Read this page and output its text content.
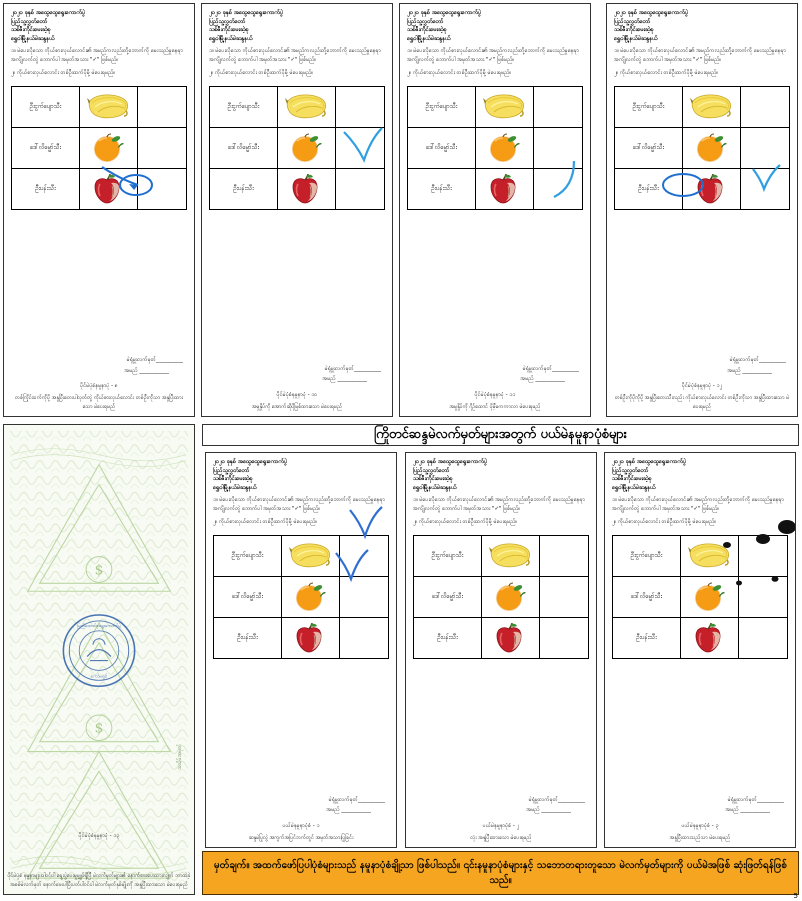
ကြိုတင်ဆန္ဒမဲလက်မှတ်များအတွက် ပယ်မဲနမူနာပုံစံများ
မှတ်ချက်။ အထက်ဖော်ပြပါပုံစံများသည် နမူနာပုံစံချို့သာ ဖြစ်ပါသည်။ ၎င်းနမူနာပုံစံများနှင့် သဘောတရားတူသော မဲလက်မှတ်များကို ပယ်မဲအဖြစ် ဆုံးဖြတ်ရန်ဖြစ်သည်။
5
$
$
ပြည်ထောင်စုရွေးကောက်ပွဲ
ကော်မရှင်
အသိမ်းအမှတ်
ပိုင်မဲပုံစံနမူနာပုံ - ၁၃
ပိုင်မဲပုံစံ နမူနာများပါဝင်ပါ ရွေးပွဲပေးမှုမျှုပ်ရှိပြီ မဲလက်မှတ်များ၏ နောက်ဖေးပေးထားလျက် ဘာထဲခဲ့ အစစ်မဲလက်မှတ် နောက်ဖေးပါပြီးပတ်ပါဝင်ပါ မဲလက်မှတ်နှစ်မျိုးကို အနှုပြီးထားသော မဲပေးရမည်
၂၀၂၀ ခုနှစ် အထွေထွေရွေးကောက်ပွဲ
ပြည်သူ့လွှတ်တော်
သစ်ဇီးကိုင်းမေးဆဲ့စု
ရွှေဝါမြို့နယ်မဲဆန္ဒနယ်

၁။ မဲပေးလိုသော ကိုယ်စားလှယ်လောင်း၏ အမည်ကလည်းတို့ဘောက်ကို မေးသည်မှုနေရာအကျိုလက်တွဲ ဘောက်ပါ အမှတ်အသား "✓" ဖြစ်မည်။

၂။ ကိုယ်စားလှယ်လောင်း တစ်ဦးထက်ပိုမို့ မဲပေးရမည်။

ဦးငွက်ပျောသီး	

ဒေါ်လိမ္မော်သီး	

ဦးပန်းသီး	

မဲရုံမှူးလက်မှတ်__________
အမည် ___________
ပိုင်မဲပုံစံနမူနာပုံ - ၈
တစ်ကြိုင်ထက်ကိုပို့ အနှုပြီးတေးပါလှတ်တွဲ ကိုယ်စားလှယ်လောင်း တစ်ဦးကိုသာ အနှုပြီးထားသော မဲပေးရမည်
၂၀၂၀ ခုနှစ် အထွေထွေရွေးကောက်ပွဲ
ပြည်သူ့လွှတ်တော်
သစ်ဇီးကိုင်းမေးဆဲ့စု
ရွှေဝါမြို့နယ်မဲဆန္ဒနယ်

၁။ မဲပေးလိုသော ကိုယ်စားလှယ်လောင်း၏ အမည်ကလည်းတို့ဘောက်ကို မေးသည်မှုနေရာအကျိုလက်တွဲ ဘောက်ပါ အမှတ်အသား "✓" ဖြစ်မည်။

၂။ ကိုယ်စားလှယ်လောင်း တစ်ဦးထက်ပိုမို့ မဲပေးရမည်။

ဦးငွက်ပျောသီး	

ဒေါ်လိမ္မော်သီး	

ဦးပန်းသီး	

မဲရုံမှူးလက်မှတ်__________
အမည် ___________
ပိုင်မဲပုံစံနမူနာပုံ - ၁၀
အမှုနှိုပ်ကို အောက်ဆိုပိုမြစ်ထားသော မဲပေးရမည်
၂၀၂၀ ခုနှစ် အထွေထွေရွေးကောက်ပွဲ
ပြည်သူ့လွှတ်တော်
သစ်ဇီးကိုင်းမေးဆဲ့စု
ရွှေဝါမြို့နယ်မဲဆန္ဒနယ်

၁။ မဲပေးလိုသော ကိုယ်စားလှယ်လောင်း၏ အမည်ကလည်းတို့ဘောက်ကို မေးသည်မှုနေရာအကျိုလက်တွဲ ဘောက်ပါ အမှတ်အသား "✓" ဖြစ်မည်။

၂။ ကိုယ်စားလှယ်လောင်း တစ်ဦးထက်ပိုမို့ မဲပေးရမည်။

ဦးငွက်ပျောသီး	

ဒေါ်လိမ္မော်သီး	

ဦးပန်းသီး	

မဲရုံမှူးလက်မှတ်__________
အမည် ___________
ပိုင်မဲပုံစံနမူနာပုံ - ၁၁
အမှုနှိုပ်ကို ဂိုဉ်ထောင် ပိုမီ့မကကာလာ မဲပေးရမည်
၂၀၂၀ ခုနှစ် အထွေထွေရွေးကောက်ပွဲ
ပြည်သူ့လွှတ်တော်
သစ်ဇီးကိုင်းမေးဆဲ့စု
ရွှေဝါမြို့နယ်မဲဆန္ဒနယ်

၁။ မဲပေးလိုသော ကိုယ်စားလှယ်လောင်း၏ အမည်ကလည်းတို့ဘောက်ကို မေးသည်မှုနေရာအကျိုလက်တွဲ ဘောက်ပါ အမှတ်အသား "✓" ဖြစ်မည်။

၂။ ကိုယ်စားလှယ်လောင်း တစ်ဦးထက်ပိုမို့ မဲပေးရမည်။

ဦးငွက်ပျောသီး	

ဒေါ်လိမ္မော်သီး	

ဦးပန်းသီး	

မဲရုံမှူးလက်မှတ်__________
အမည် ___________
ပိုင်မဲပုံစံနမူနာပုံ - ၁၂
တစ်ဦးကိုပိုကိုပို့ အနှုပြီးတေးသီးလည်း ကိုယ်စားလှယ်လောင်း တစ်ဦးကိုသာ အနှုပြီးထားသော မဲပေးရမည်
၂၀၂၀ ခုနှစ် အထွေထွေရွေးကောက်ပွဲ
ပြည်သူ့လွှတ်တော်
သစ်ဇီးကိုင်းမေးဆဲ့စု
ရွှေဝါမြို့နယ်မဲဆန္ဒနယ်

၁။ မဲပေးလိုသော ကိုယ်စားလှယ်လောင်း၏ အမည်ကလည်းတို့ဘောက်ကို မေးသည်မှုနေရာအကျိုလက်တွဲ ဘောက်ပါ အမှတ်အသား "✓" ဖြစ်မည်။

၂။ ကိုယ်စားလှယ်လောင်း တစ်ဦးထက်ပိုမို့ မဲပေးရမည်။

ဦးငွက်ပျောသီး	

ဒေါ်လိမ္မော်သီး	

ဦးပန်းသီး	

မဲရုံမှူးလက်မှတ်__________
အမည် ___________
ပယ်မဲနမူနာပုံစံ - ၁
ဆန္ဒမဲပြုလွဲ အကွက်အပြင်ဘက်တွင် အမှတ်အသားပြုခြင်း
၂၀၂၀ ခုနှစ် အထွေထွေရွေးကောက်ပွဲ
ပြည်သူ့လွှတ်တော်
သစ်ဇီးကိုင်းမေးဆဲ့စု
ရွှေဝါမြို့နယ်မဲဆန္ဒနယ်

၁။ မဲပေးလိုသော ကိုယ်စားလှယ်လောင်း၏ အမည်ကလည်းတို့ဘောက်ကို မေးသည်မှုနေရာအကျိုလက်တွဲ ဘောက်ပါ အမှတ်အသား "✓" ဖြစ်မည်။

၂။ ကိုယ်စားလှယ်လောင်း တစ်ဦးထက်ပိုမို့ မဲပေးရမည်။

ဦးငွက်ပျောသီး	

ဒေါ်လိမ္မော်သီး	

ဦးပန်းသီး	

မဲရုံမှူးလက်မှတ်__________
အမည် ___________
ပယ်မဲနမူနာပုံစံ - ၂
လုံး အနှုပြီးထားသော မဲပေးရမည်
၂၀၂၀ ခုနှစ် အထွေထွေရွေးကောက်ပွဲ
ပြည်သူ့လွှတ်တော်
သစ်ဇီးကိုင်းမေးဆဲ့စု
ရွှေဝါမြို့နယ်မဲဆန္ဒနယ်

၁။ မဲပေးလိုသော ကိုယ်စားလှယ်လောင်း၏ အမည်ကလည်းတို့ဘောက်ကို မေးသည်မှုနေရာအကျိုလက်တွဲ ဘောက်ပါ အမှတ်အသား "✓" ဖြစ်မည်။

၂။ ကိုယ်စားလှယ်လောင်း တစ်ဦးထက်ပိုမို့ မဲပေးရမည်။

ဦးငွက်ပျောသီး	

ဒေါ်လိမ္မော်သီး	

ဦးပန်းသီး	

မဲရုံမှူးလက်မှတ်__________
အမည် ___________
ပယ်မဲနမူနာပုံစံ - ၃
အနှုပြီးထားသည်သာ မဲပေးရမည်
